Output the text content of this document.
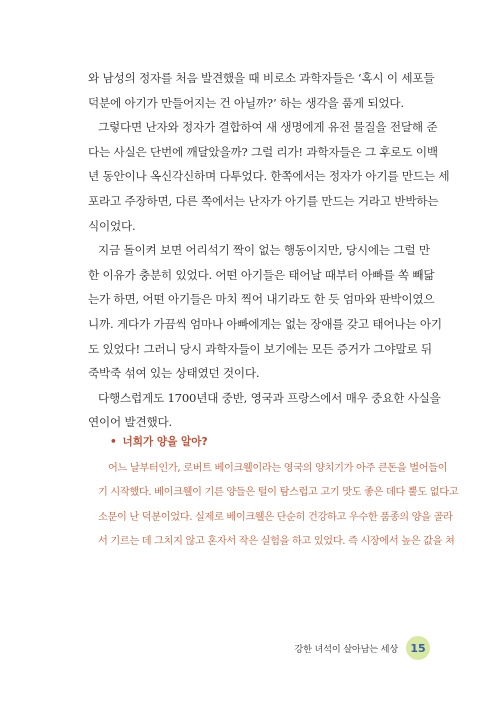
와 남성의 정자를 처음 발견했을 때 비로소 과학자들은 ‘혹시 이 세포들
덕분에 아기가 만들어지는 건 아닐까?’ 하는 생각을 품게 되었다.

그렇다면 난자와 정자가 결합하여 새 생명에게 유전 물질을 전달해 준
다는 사실은 단번에 깨달았을까? 그럴 리가! 과학자들은 그 후로도 이백
년 동안이나 옥신각신하며 다투었다. 한쪽에서는 정자가 아기를 만드는 세
포라고 주장하면, 다른 쪽에서는 난자가 아기를 만드는 거라고 반박하는
식이었다.

지금 돌이켜 보면 어리석기 짝이 없는 행동이지만, 당시에는 그럴 만
한 이유가 충분히 있었다. 어떤 아기들은 태어날 때부터 아빠를 쏙 빼닮
는가 하면, 어떤 아기들은 마치 찍어 내기라도 한 듯 엄마와 판박이였으
니까. 게다가 가끔씩 엄마나 아빠에게는 없는 장애를 갖고 태어나는 아기
도 있었다! 그러니 당시 과학자들이 보기에는 모든 증거가 그야말로 뒤
죽박죽 섞여 있는 상태였던 것이다.

다행스럽게도 1700년대 중반, 영국과 프랑스에서 매우 중요한 사실을
연이어 발견했다.

• 너희가 양을 알아?

어느 날부터인가, 로버트 베이크웰이라는 영국의 양치기가 아주 큰돈을 벌어들이
기 시작했다. 베이크웰이 기른 양들은 털이 탐스럽고 고기 맛도 좋은 데다 뿔도 없다고
소문이 난 덕분이었다. 실제로 베이크웰은 단순히 건강하고 우수한 품종의 양을 골라
서 기르는 데 그치지 않고 혼자서 작은 실험을 하고 있었다. 즉 시장에서 높은 값을 쳐

강한 녀석이 살아남는 세상 15
